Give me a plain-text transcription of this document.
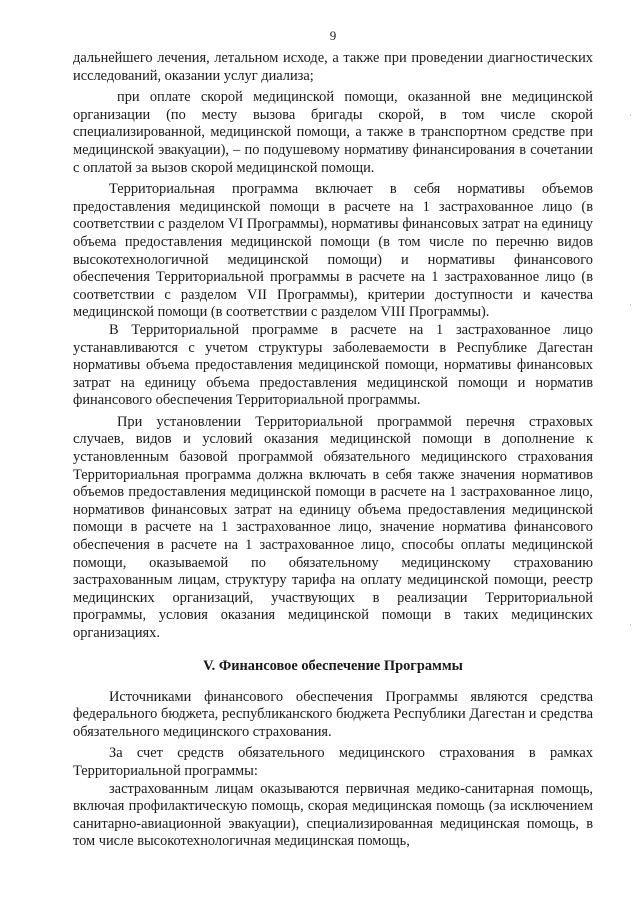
9

дальнейшего лечения, летальном исходе, а также при проведении диагностических исследований, оказании услуг диализа;

при оплате скорой медицинской помощи, оказанной вне медицинской организации (по месту вызова бригады скорой, в том числе скорой специализированной, медицинской помощи, а также в транспортном средстве при медицинской эвакуации), – по подушевому нормативу финансирования в сочетании с оплатой за вызов скорой медицинской помощи.

Территориальная программа включает в себя нормативы объемов предоставления медицинской помощи в расчете на 1 застрахованное лицо (в соответствии с разделом VI Программы), нормативы финансовых затрат на единицу объема предоставления медицинской помощи (в том числе по перечню видов высокотехнологичной медицинской помощи) и нормативы финансового обеспечения Территориальной программы в расчете на 1 застрахованное лицо (в соответствии с разделом VII Программы), критерии доступности и качества медицинской помощи (в соответствии с разделом VIII Программы).

В Территориальной программе в расчете на 1 застрахованное лицо устанавливаются с учетом структуры заболеваемости в Республике Дагестан нормативы объема предоставления медицинской помощи, нормативы финансовых затрат на единицу объема предоставления медицинской помощи и норматив финансового обеспечения Территориальной программы.

При установлении Территориальной программой перечня страховых случаев, видов и условий оказания медицинской помощи в дополнение к установленным базовой программой обязательного медицинского страхования Территориальная программа должна включать в себя также значения нормативов объемов предоставления медицинской помощи в расчете на 1 застрахованное лицо, нормативов финансовых затрат на единицу объема предоставления медицинской помощи в расчете на 1 застрахованное лицо, значение норматива финансового обеспечения в расчете на 1 застрахованное лицо, способы оплаты медицинской помощи, оказываемой по обязательному медицинскому страхованию застрахованным лицам, структуру тарифа на оплату медицинской помощи, реестр медицинских организаций, участвующих в реализации Территориальной программы, условия оказания медицинской помощи в таких медицинских организациях.

V. Финансовое обеспечение Программы

Источниками финансового обеспечения Программы являются средства федерального бюджета, республиканского бюджета Республики Дагестан и средства обязательного медицинского страхования.

За счет средств обязательного медицинского страхования в рамках Территориальной программы:

застрахованным лицам оказываются первичная медико-санитарная помощь, включая профилактическую помощь, скорая медицинская помощь (за исключением санитарно-авиационной эвакуации), специализированная медицинская помощь, в том числе высокотехнологичная медицинская помощь,

·
·
·
